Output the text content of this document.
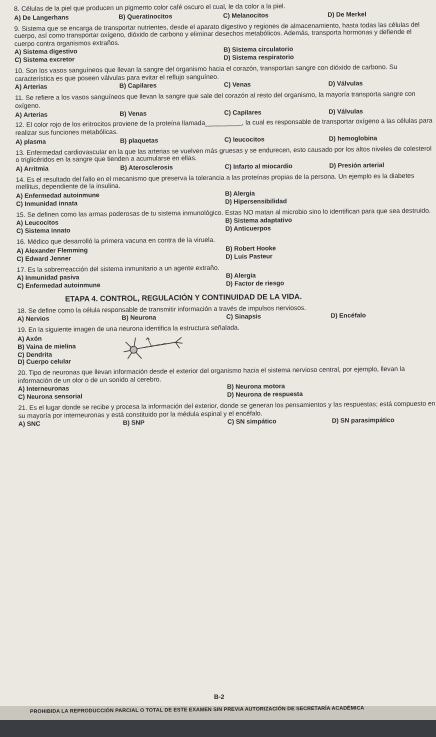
8. Células de la piel que producen un pigmento color café oscuro el cual, le da color a la piel.

A) De Langerhans	B) Queratinocitos	C) Melanocitos	D) De Merkel

9. Sistema que se encarga de transportar nutrientes, desde el aparato digestivo y regiones de almacenamiento, hasta todas las células del cuerpo, así como transportar oxígeno, dióxido de carbono y eliminar desechos metabólicos. Además, transporta hormonas y defiende el cuerpo contra organismos extraños.

A) Sistema digestivo	B) Sistema circulatorio
C) Sistema excretor	D) Sistema respiratorio

10. Son los vasos sanguíneos que llevan la sangre del organismo hacia el corazón, transportan sangre con dióxido de carbono. Su característica es que poseen válvulas para evitar el reflujo sanguíneo.

A) Arterias	B) Capilares	C) Venas	D) Válvulas

11. Se refiere a los vasos sanguíneos que llevan la sangre que sale del corazón al resto del organismo, la mayoría transporta sangre con oxígeno.

A) Arterias	B) Venas	C) Capilares	D) Válvulas

12. El color rojo de los eritrocitos proviene de la proteína llamada__________, la cual es responsable de transportar oxígeno a las células para realizar sus funciones metabólicas.

A) plasma	B) plaquetas	C) leucocitos	D) hemoglobina

13. Enfermedad cardiovascular en la que las arterias se vuelven más gruesas y se endurecen, esto causado por los altos niveles de colesterol o triglicéridos en la sangre que tienden a acumularse en ellas.

A) Arritmia	B) Aterosclerosis	C) Infarto al miocardio	D) Presión arterial

14. Es el resultado del fallo en el mecanismo que preserva la tolerancia a las proteínas propias de la persona. Un ejemplo es la diabetes mellitus, dependiente de la insulina.

A) Enfermedad autoinmune	B) Alergia
C) Inmunidad innata	D) Hipersensibilidad

15. Se definen como las armas poderosas de tu sistema inmunológico. Estas NO matan al microbio sino lo identifican para que sea destruido.

A) Leucocitos	B) Sistema adaptativo
C) Sistema innato	D) Anticuerpos

16. Médico que desarrolló la primera vacuna en contra de la viruela.

A) Alexander Flemming	B) Robert Hooke
C) Edward Jenner	D) Luis Pasteur

17. Es la sobrerreacción del sistema inmunitario a un agente extraño.

A) Inmunidad pasiva	B) Alergia
C) Enfermedad autoinmune	D) Factor de riesgo
ETAPA 4. CONTROL, REGULACIÓN Y CONTINUIDAD DE LA VIDA.

18. Se define como la célula responsable de transmitir información a través de impulsos nerviosos.

A) Nervios	B) Neurona	C) Sinapsis	D) Encéfalo

19. En la siguiente imagen de una neurona identifica la estructura señalada.

A) Axón
B) Vaina de mielina
C) Dendrita
D) Cuerpo celular

20. Tipo de neuronas que llevan información desde el exterior del organismo hacia el sistema nervioso central, por ejemplo, llevan la información de un olor o de un sonido al cerebro.

A) Interneuronas	B) Neurona motora
C) Neurona sensorial	D) Neurona de respuesta

21. Es el lugar donde se recibe y procesa la información del exterior, donde se generan los pensamientos y las respuestas; está compuesto en su mayoría por interneuronas y está constituido por la médula espinal y el encéfalo.

A) SNC	B) SNP	C) SN simpático	D) SN parasimpático
B-2
PROHIBIDA LA REPRODUCCIÓN PARCIAL O TOTAL DE ESTE EXAMEN SIN PREVIA AUTORIZACIÓN DE SECRETARÍA ACADÉMICA
